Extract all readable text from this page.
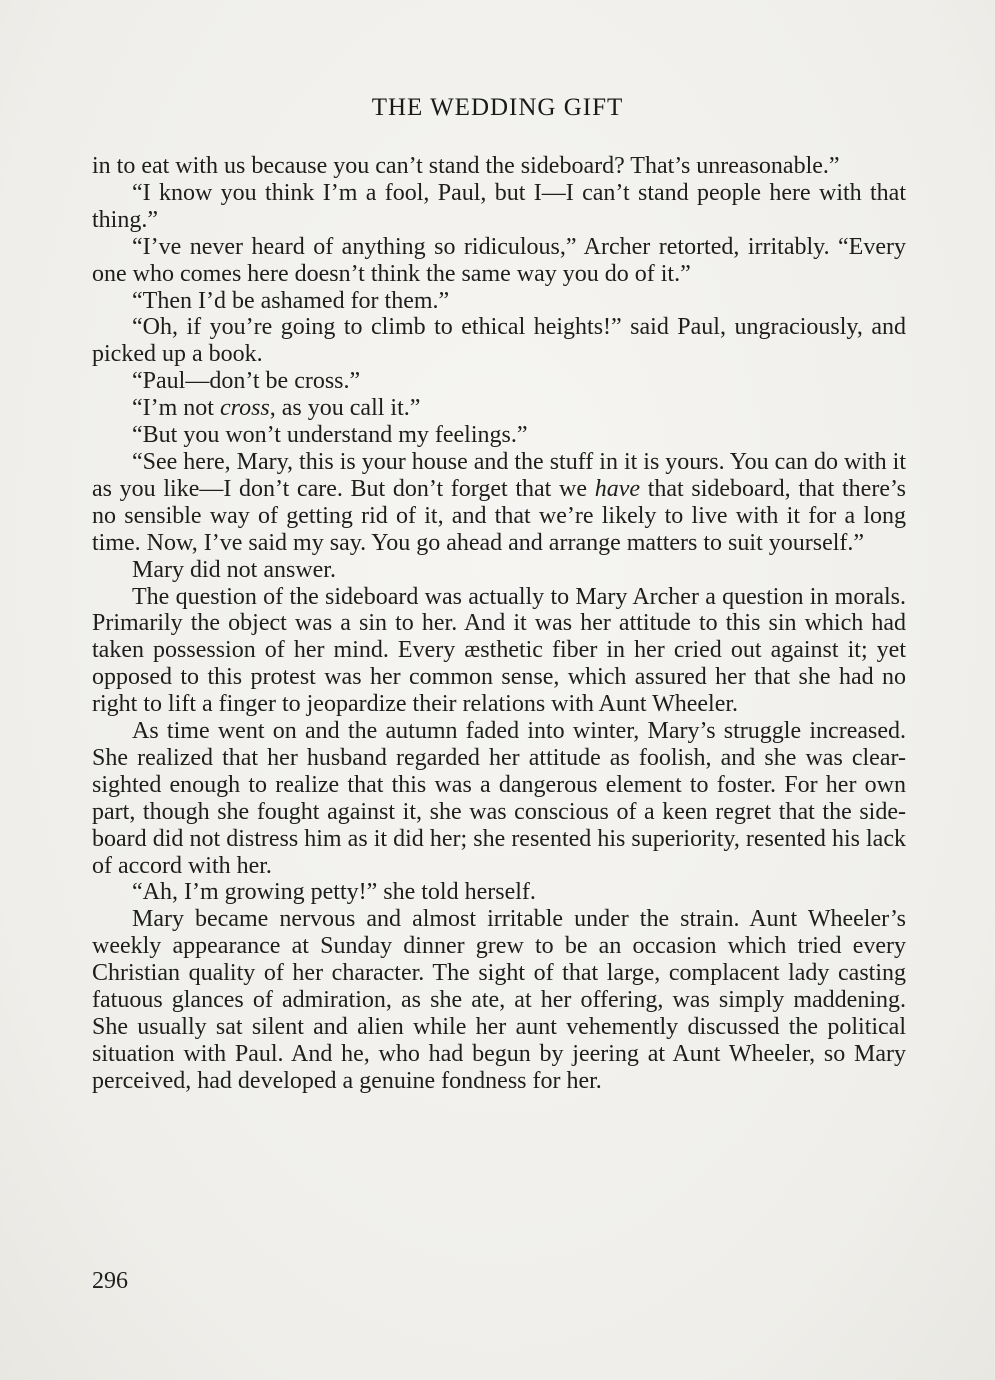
THE WEDDING GIFT

in to eat with us because you can’t stand the sideboard? That’s unreasonable.”

“I know you think I’m a fool, Paul, but I—I can’t stand people here with that thing.”

“I’ve never heard of anything so ridiculous,” Archer retorted, irritably. “Every one who comes here doesn’t think the same way you do of it.”

“Then I’d be ashamed for them.”

“Oh, if you’re going to climb to ethical heights!” said Paul, ungraciously, and picked up a book.

“Paul—don’t be cross.”

“I’m not cross, as you call it.”

“But you won’t understand my feelings.”

“See here, Mary, this is your house and the stuff in it is yours. You can do with it as you like—I don’t care. But don’t forget that we have that sideboard, that there’s no sensible way of getting rid of it, and that we’re likely to live with it for a long time. Now, I’ve said my say. You go ahead and arrange matters to suit yourself.”

Mary did not answer.

The question of the sideboard was actually to Mary Archer a question in morals. Primarily the object was a sin to her. And it was her attitude to this sin which had taken possession of her mind. Every æsthetic fiber in her cried out against it; yet opposed to this protest was her common sense, which assured her that she had no right to lift a finger to jeopardize their relations with Aunt Wheeler.

As time went on and the autumn faded into winter, Mary’s struggle increased. She realized that her husband regarded her attitude as foolish, and she was clear-sighted enough to realize that this was a dangerous element to foster. For her own part, though she fought against it, she was conscious of a keen regret that the sideboard did not distress him as it did her; she resented his superiority, resented his lack of accord with her.

“Ah, I’m growing petty!” she told herself.

Mary became nervous and almost irritable under the strain. Aunt Wheeler’s weekly appearance at Sunday dinner grew to be an occasion which tried every Christian quality of her character. The sight of that large, complacent lady casting fatuous glances of admiration, as she ate, at her offering, was simply maddening. She usually sat silent and alien while her aunt vehemently discussed the political situation with Paul. And he, who had begun by jeering at Aunt Wheeler, so Mary perceived, had developed a genuine fondness for her.

296
